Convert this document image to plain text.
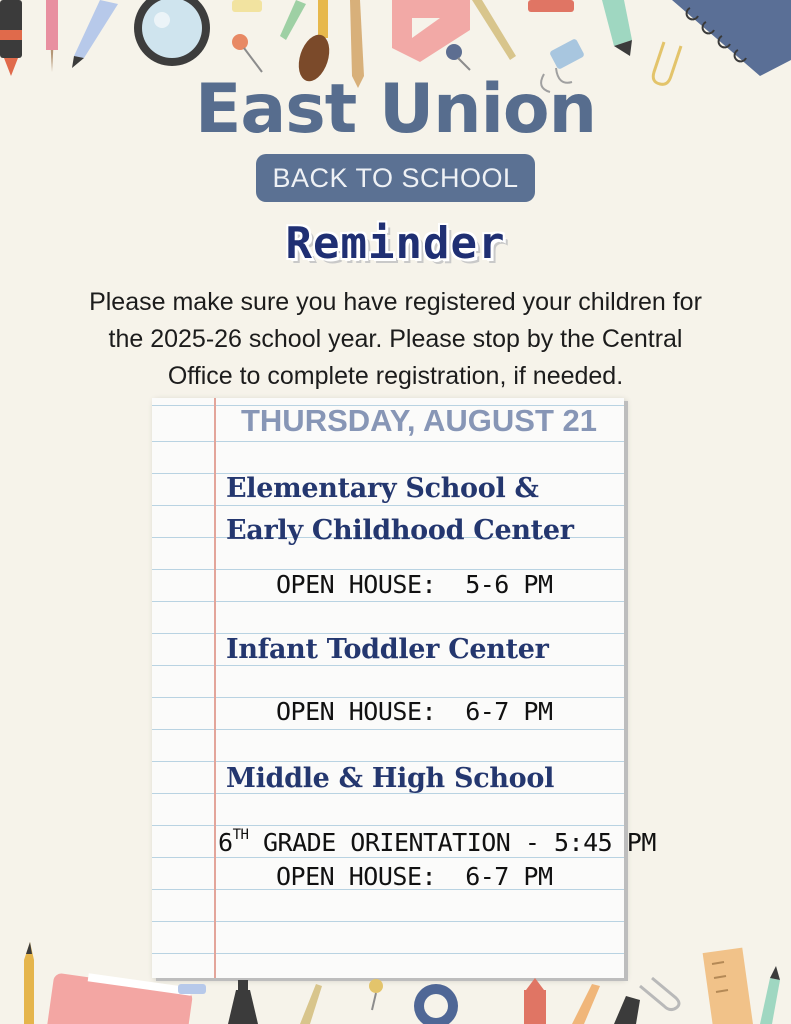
East Union
BACK TO SCHOOL
Reminder
Please make sure you have registered your children for
the 2025-26 school year. Please stop by the Central
Office to complete registration, if needed.
THURSDAY, AUGUST 21
Elementary School &
Early Childhood Center
OPEN HOUSE: 5-6 PM
Infant Toddler Center
OPEN HOUSE: 6-7 PM
Middle & High School
6TH GRADE ORIENTATION - 5:45 PM
OPEN HOUSE: 6-7 PM
